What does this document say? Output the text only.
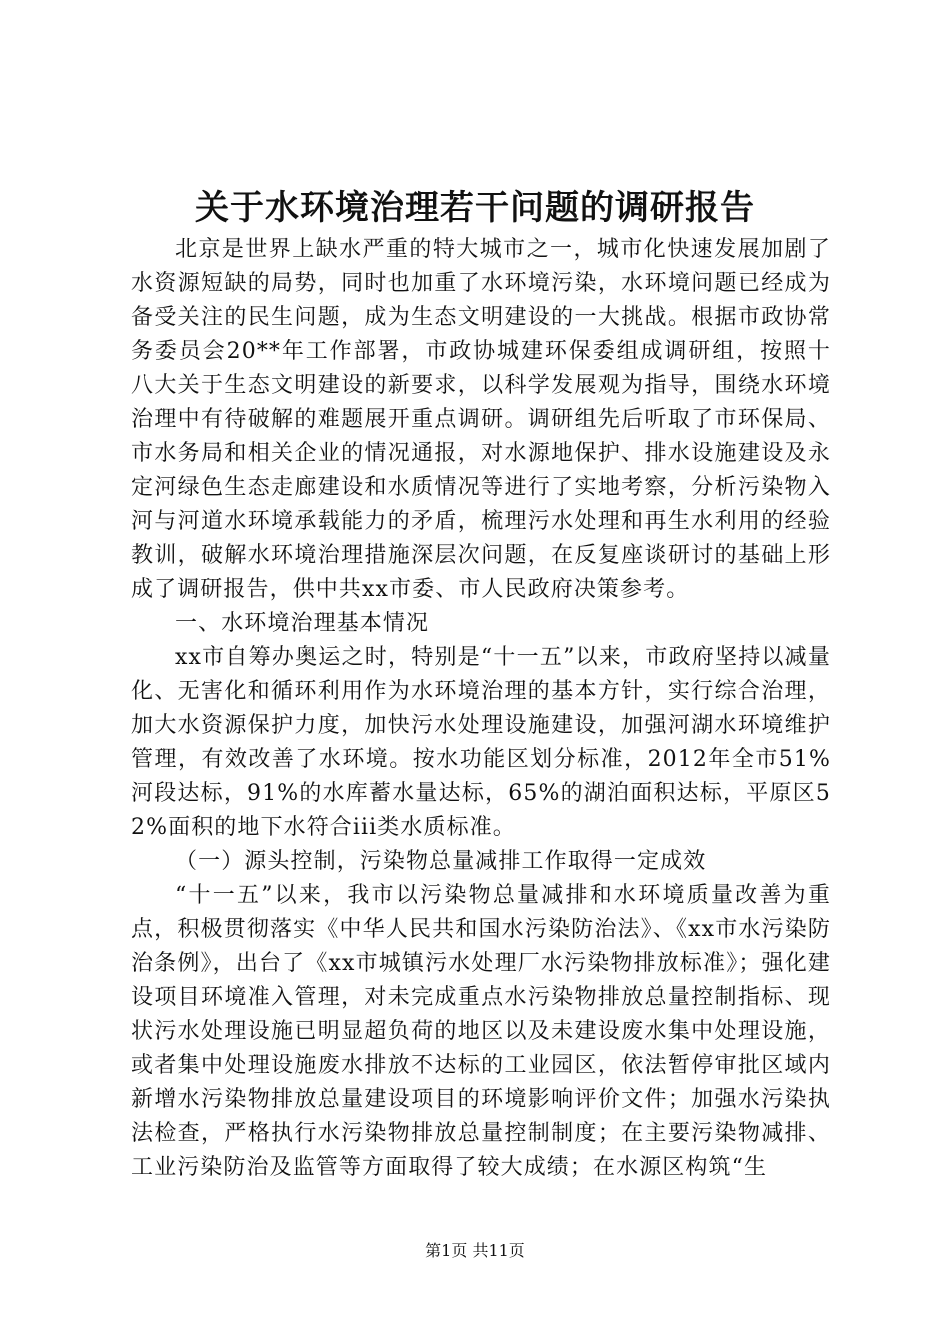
关于水环境治理若干问题的调研报告

北京是世界上缺水严重的特大城市之一，城市化快速发展加剧了水资源短缺的局势，同时也加重了水环境污染，水环境问题已经成为备受关注的民生问题，成为生态文明建设的一大挑战。根据市政协常务委员会20**年工作部署，市政协城建环保委组成调研组，按照十八大关于生态文明建设的新要求，以科学发展观为指导，围绕水环境治理中有待破解的难题展开重点调研。调研组先后听取了市环保局、市水务局和相关企业的情况通报，对水源地保护、排水设施建设及永定河绿色生态走廊建设和水质情况等进行了实地考察，分析污染物入河与河道水环境承载能力的矛盾，梳理污水处理和再生水利用的经验教训，破解水环境治理措施深层次问题，在反复座谈研讨的基础上形成了调研报告，供中共xx市委、市人民政府决策参考。

一、水环境治理基本情况

xx市自筹办奥运之时，特别是“十一五”以来，市政府坚持以减量化、无害化和循环利用作为水环境治理的基本方针，实行综合治理，加大水资源保护力度，加快污水处理设施建设，加强河湖水环境维护管理，有效改善了水环境。按水功能区划分标准，2012年全市51%河段达标，91%的水库蓄水量达标，65%的湖泊面积达标，平原区52%面积的地下水符合iii类水质标准。

（一）源头控制，污染物总量减排工作取得一定成效

“十一五”以来，我市以污染物总量减排和水环境质量改善为重点，积极贯彻落实《中华人民共和国水污染防治法》、《xx市水污染防治条例》，出台了《xx市城镇污水处理厂水污染物排放标准》；强化建设项目环境准入管理，对未完成重点水污染物排放总量控制指标、现状污水处理设施已明显超负荷的地区以及未建设废水集中处理设施，或者集中处理设施废水排放不达标的工业园区，依法暂停审批区域内新增水污染物排放总量建设项目的环境影响评价文件；加强水污染执法检查，严格执行水污染物排放总量控制制度；在主要污染物减排、工业污染防治及监管等方面取得了较大成绩；在水源区构筑“生

第1页 共11页
